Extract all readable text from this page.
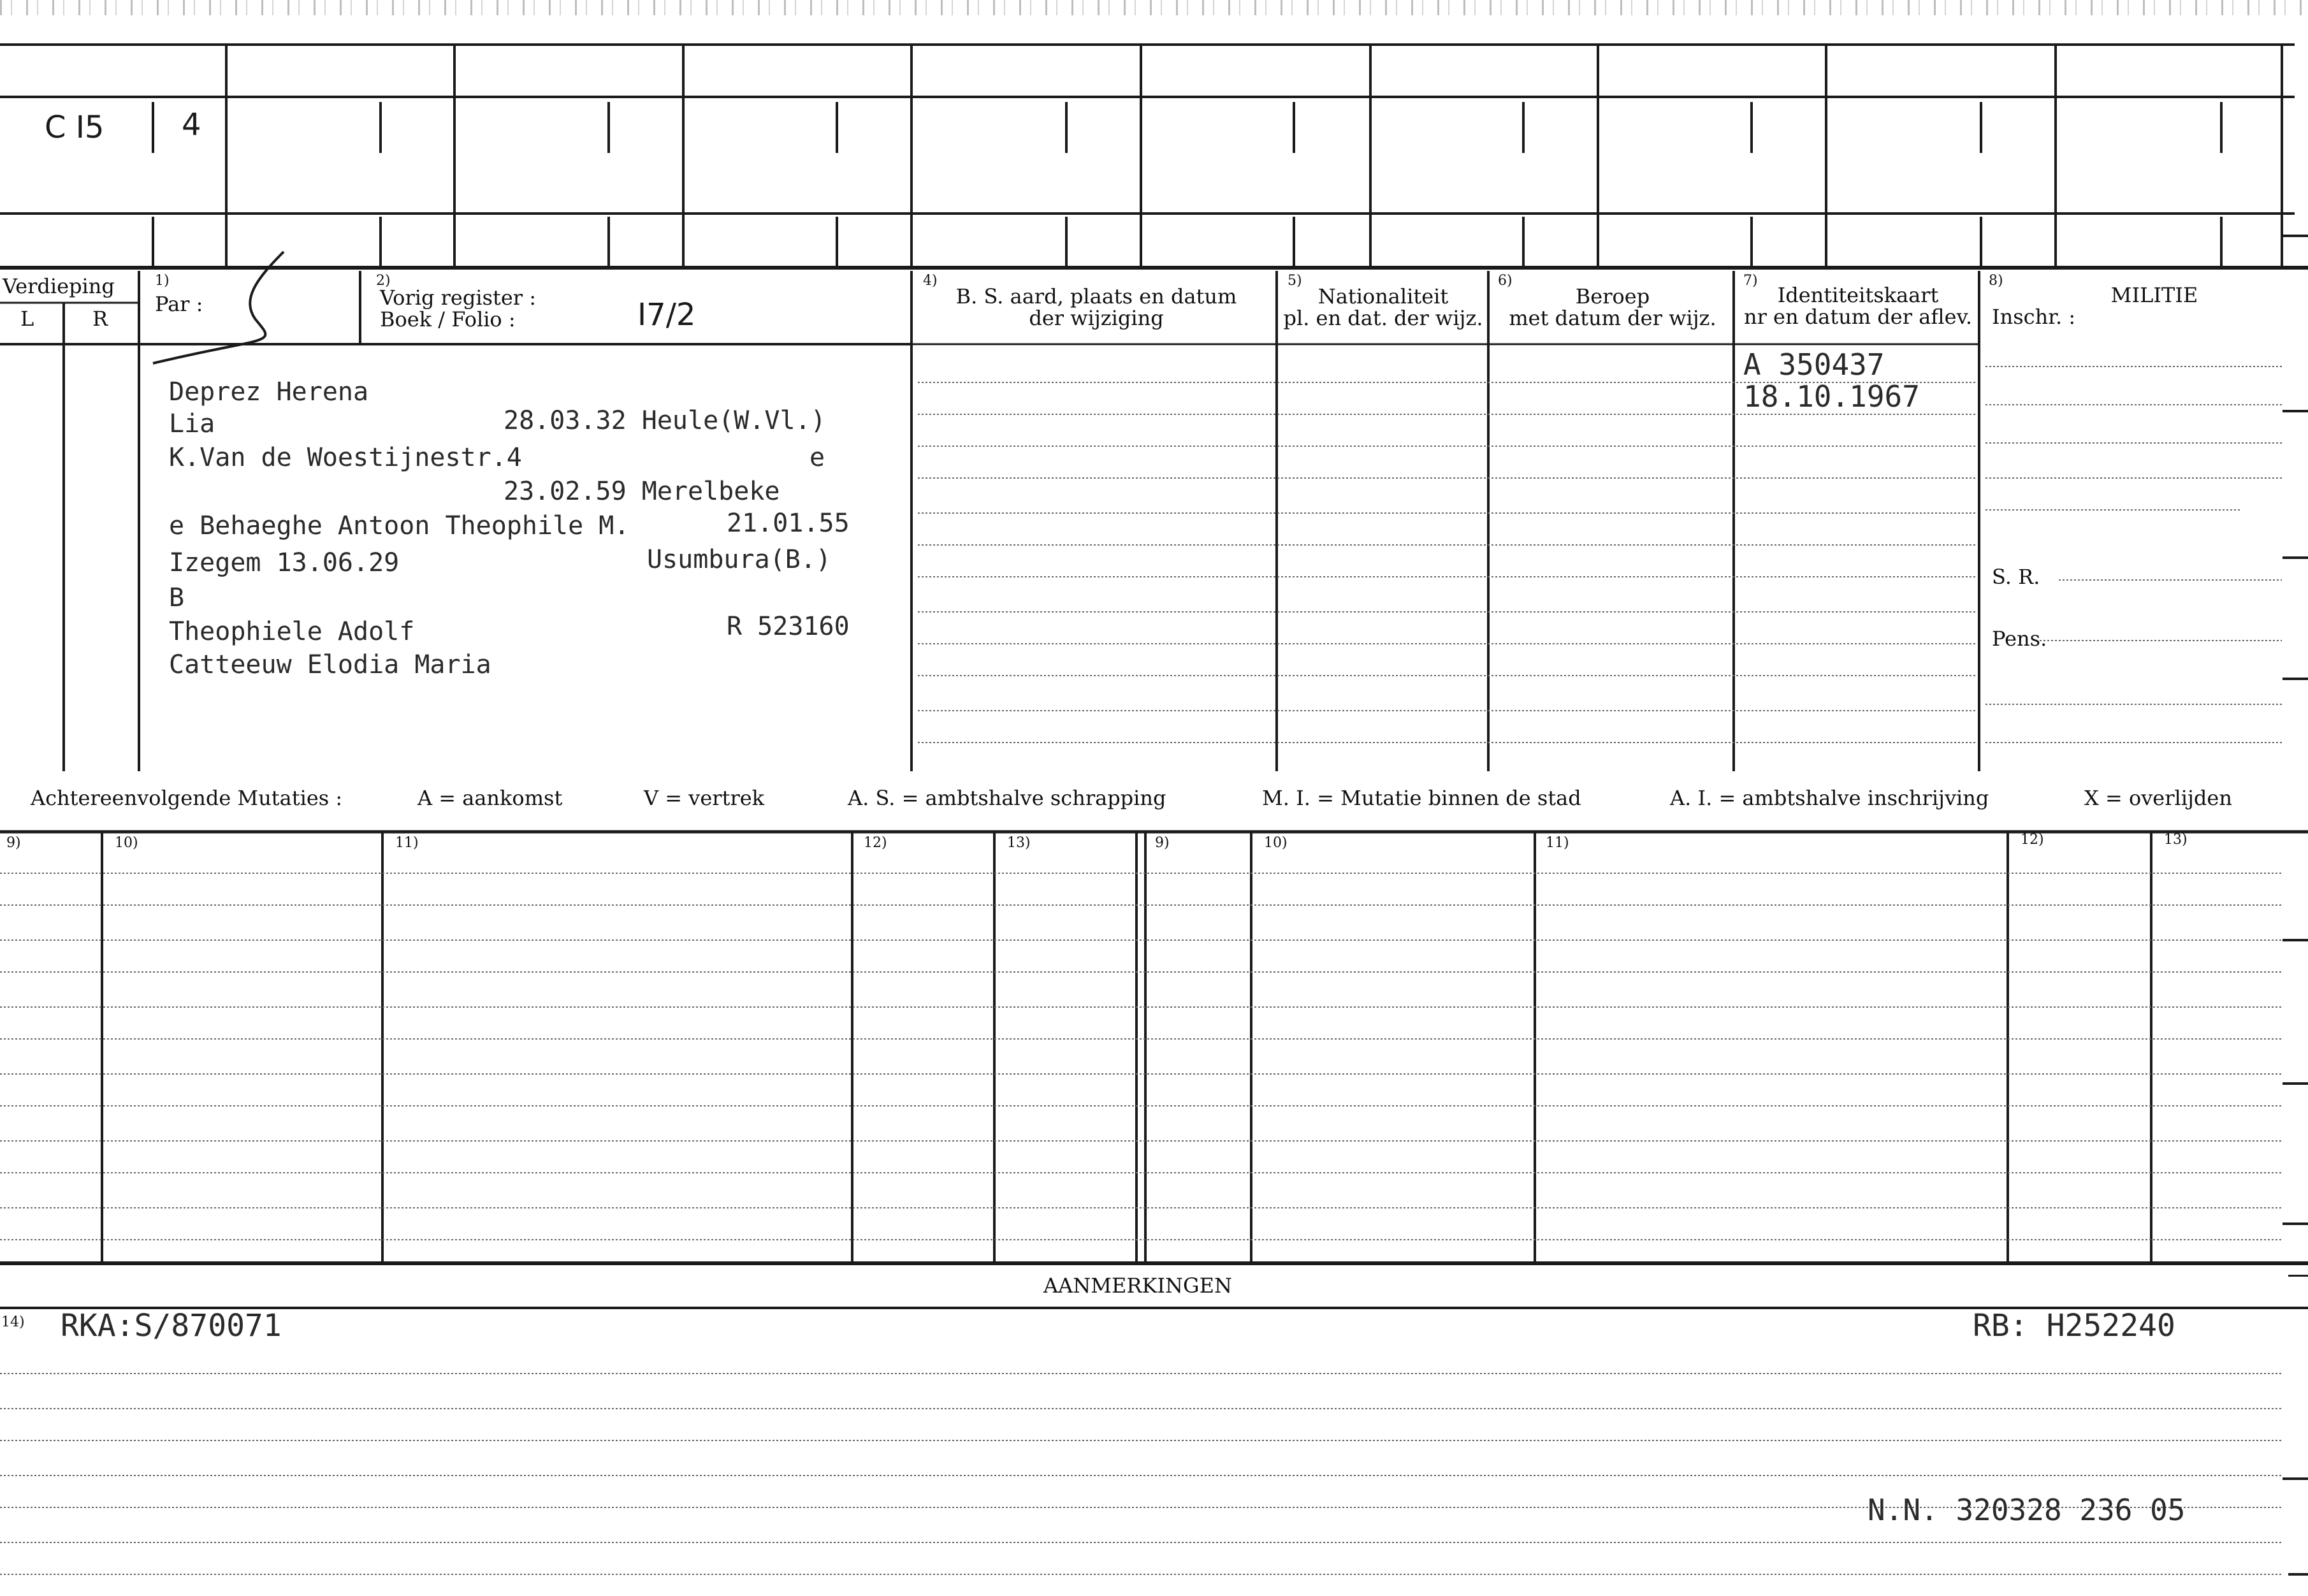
C I5	4
Verdieping
L	R
1)
Par :
2)
Vorig register :
Boek / Folio :	I7/2
4)
B. S. aard, plaats en datum
der wijziging
5)
Nationaliteit
pl. en dat. der wijz.
6)
Beroep
met datum der wijz.
7)
Identiteitskaart
nr en datum der aflev.
A 350437
18.10.1967
8)
MILITIE
Inschr. :
S. R.
Pens.
Deprez Herena
Lia	28.03.32 Heule(W.Vl.)
K.Van de Woestijnestr.4	e
23.02.59 Merelbeke
e Behaeghe Antoon Theophile M.	21.01.55
Izegem 13.06.29	Usumbura(B.)
B
Theophiele Adolf	R 523160
Catteeuw Elodia Maria
Achtereenvolgende Mutaties :	A = aankomst	V = vertrek	A. S. = ambtshalve schrapping	M. I. = Mutatie binnen de stad	A. I. = ambtshalve inschrijving	X = overlijden
9)	10)	11)	12)	13)	9)	10)	11)	12)	13)
AANMERKINGEN
14) RKA:S/870071	RB: H252240
N.N. 320328 236 05
